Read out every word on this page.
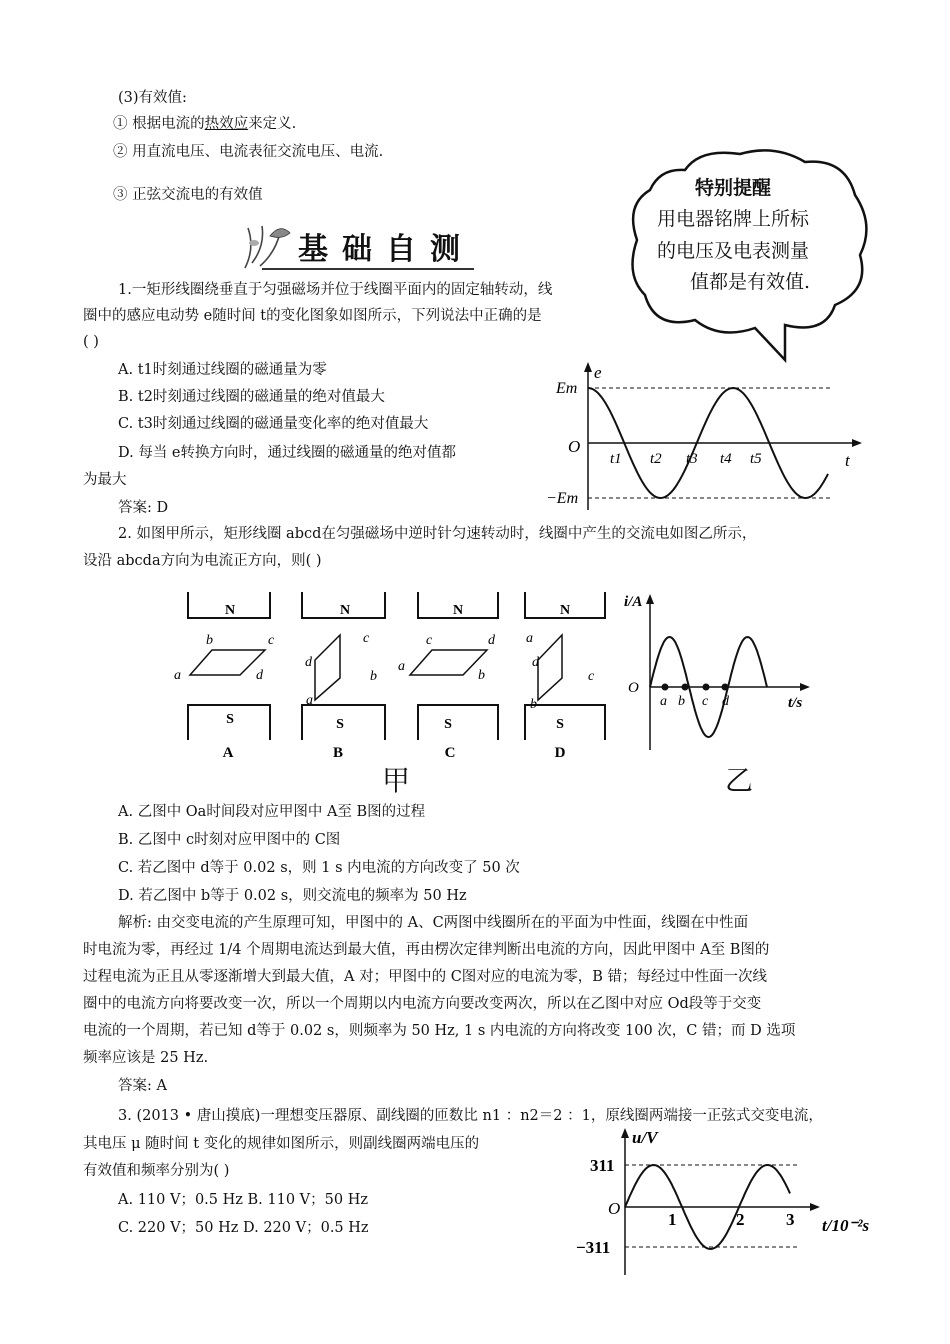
(3)有效值:
① 根据电流的热效应来定义.
② 用直流电压、电流表征交流电压、电流.
③ 正弦交流电的有效值	特别提醒
用电器铭牌上所标
的电压及电表测量
值都是有效值.
基础自测
1.一矩形线圈绕垂直于匀强磁场并位于线圈平面内的固定轴转动，线
圈中的感应电动势 e随时间 t的变化图象如图所示，下列说法中正确的是
( )
A. t1时刻通过线圈的磁通量为零
B. t2时刻通过线圈的磁通量的绝对值最大
C. t3时刻通过线圈的磁通量变化率的绝对值最大
D. 每当 e转换方向时，通过线圈的磁通量的绝对值都
为最大
答案: D
e
t
O
Em
−Em
t1 t2 t3 t4 t5
2. 如图甲所示，矩形线圈 abcd在匀强磁场中逆时针匀速转动时，线圈中产生的交流电如图乙所示，
设沿 abcda方向为电流正方向，则( )
N
S
a
b	c
d
A
N
S
a
b
c
d
B
N
S
a
b
c	d
C
N
S
a
b
c
d
D
甲
i/A
t/s
O
a b c d
乙
A. 乙图中 Oa时间段对应甲图中 A至 B图的过程
B. 乙图中 c时刻对应甲图中的 C图
C. 若乙图中 d等于 0.02 s，则 1 s 内电流的方向改变了 50 次
D. 若乙图中 b等于 0.02 s，则交流电的频率为 50 Hz
解析: 由交变电流的产生原理可知，甲图中的 A、C两图中线圈所在的平面为中性面，线圈在中性面
时电流为零，再经过 1/4 个周期电流达到最大值，再由楞次定律判断出电流的方向，因此甲图中 A至 B图的
过程电流为正且从零逐渐增大到最大值，A 对；甲图中的 C图对应的电流为零，B 错；每经过中性面一次线
圈中的电流方向将要改变一次，所以一个周期以内电流方向要改变两次，所以在乙图中对应 Od段等于交变
电流的一个周期，若已知 d等于 0.02 s，则频率为 50 Hz, 1 s 内电流的方向将改变 100 次，C 错；而 D 选项
频率应该是 25 Hz.
答案: A
3. (2013 • 唐山摸底)一理想变压器原、副线圈的匝数比 n1 ：n2＝2 ：1，原线圈两端接一正弦式交变电流，
其电压 μ 随时间 t 变化的规律如图所示，则副线圈两端电压的
有效值和频率分别为( )
A. 110 V；0.5 Hz B. 110 V；50 Hz
C. 220 V；50 Hz D. 220 V；0.5 Hz
u/V
t/10⁻²s
O
311
−311
1	2 3
